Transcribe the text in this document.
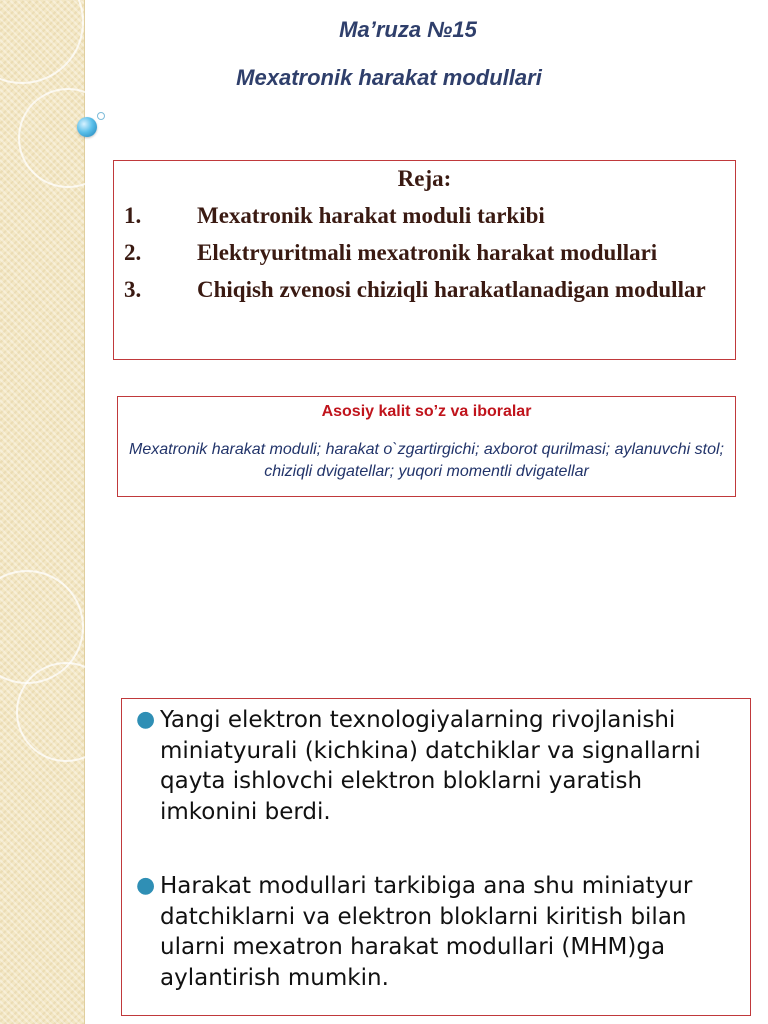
Ma’ruza №15
Mexatronik harakat modullari

Reja:

1. Mexatronik harakat moduli tarkibi

2. Elektryuritmali mexatronik harakat modullari

3. Chiqish zvenosi chiziqli harakatlanadigan modullar

Asosiy kalit so’z va iboralar

Mexatronik harakat moduli; harakat o`zgartirgichi; axborot qurilmasi; aylanuvchi stol; chiziqli dvigatellar; yuqori momentli dvigatellar

● Yangi elektron texnologiyalarning rivojlanishi miniatyurali (kichkina) datchiklar va signallarni qayta ishlovchi elektron bloklarni yaratish imkonini berdi.
● Harakat modullari tarkibiga ana shu miniatyur datchiklarni va elektron bloklarni kiritish bilan ularni mexatron harakat modullari (MHM)ga aylantirish mumkin.
